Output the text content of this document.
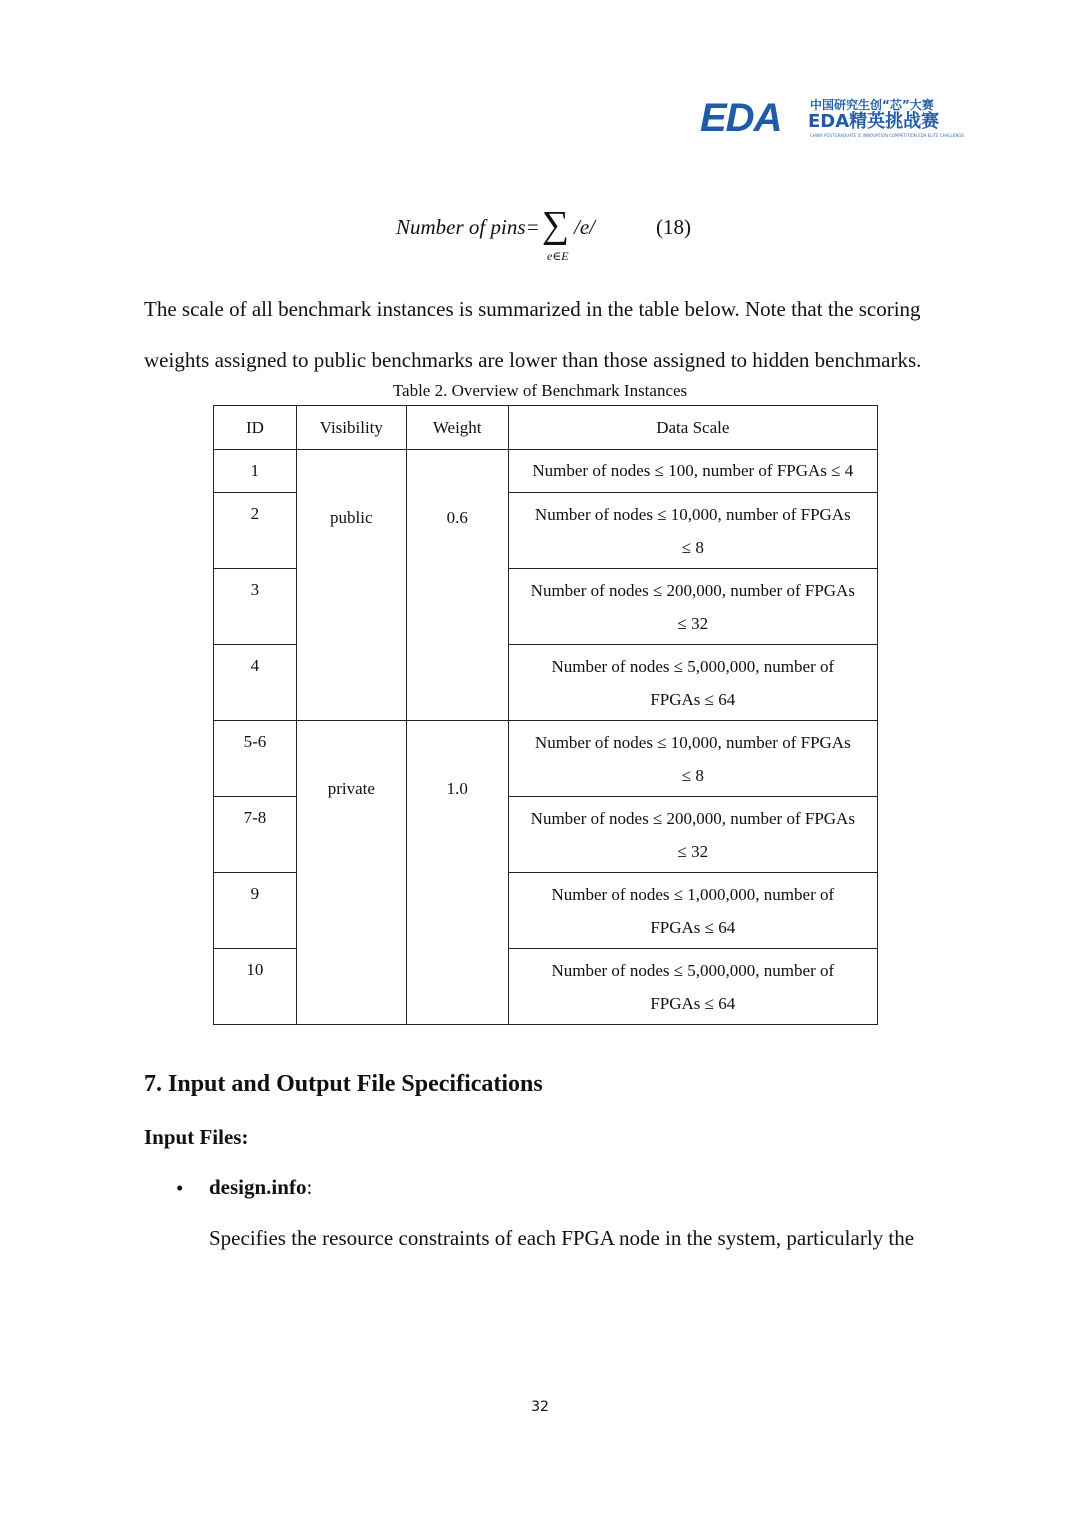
EDA 中国研究生创“芯”大赛
EDA精英挑战赛
CHINA POSTGRADUATE IC INNOVATION COMPETITION EDA ELITE CHALLENGE
Number of pins= ∑
e∈E
/e/	(18)
The scale of all benchmark instances is summarized in the table below. Note that the scoring
weights assigned to public benchmarks are lower than those assigned to hidden benchmarks.
Table 2. Overview of Benchmark Instances
ID	Visibility	Weight	Data Scale
1	public	0.6	Number of nodes ≤ 100, number of FPGAs ≤ 4
2			Number of nodes ≤ 10,000, number of FPGAs
≤ 8

3			Number of nodes ≤ 200,000, number of FPGAs
≤ 32

4			Number of nodes ≤ 5,000,000, number of
FPGAs ≤ 64

5-6	private	1.0	Number of nodes ≤ 10,000, number of FPGAs
≤ 8

7-8			Number of nodes ≤ 200,000, number of FPGAs
≤ 32

9			Number of nodes ≤ 1,000,000, number of
FPGAs ≤ 64

10			Number of nodes ≤ 5,000,000, number of
FPGAs ≤ 64
7. Input and Output File Specifications
Input Files:
• design.info:
Specifies the resource constraints of each FPGA node in the system, particularly the
32
